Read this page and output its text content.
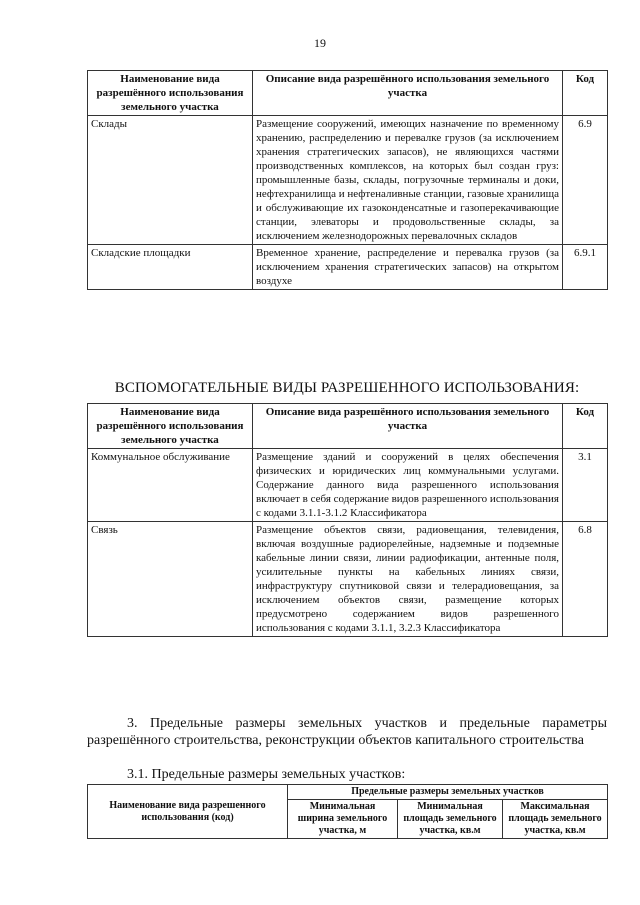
19
Наименование вида разрешённого использования земельного участка	Описание вида разрешённого использования земельного участка	Код
Склады	Размещение сооружений, имеющих назначение по временному хранению, распределению и перевалке грузов (за исключением хранения стратегических запасов), не являющихся частями производственных комплексов, на которых был создан груз: промышленные базы, склады, погрузочные терминалы и доки, нефтехранилища и нефтеналивные станции, газовые хранилища и обслуживающие их газоконденсатные и газоперекачивающие станции, элеваторы и продовольственные склады, за исключением железнодорожных перевалочных складов	6.9
Складские площадки	Временное хранение, распределение и перевалка грузов (за исключением хранения стратегических запасов) на открытом воздухе	6.9.1
ВСПОМОГАТЕЛЬНЫЕ ВИДЫ РАЗРЕШЕННОГО ИСПОЛЬЗОВАНИЯ:
Наименование вида разрешённого использования земельного участка	Описание вида разрешённого использования земельного участка	Код
Коммунальное обслуживание	Размещение зданий и сооружений в целях обеспечения физических и юридических лиц коммунальными услугами. Содержание данного вида разрешенного использования включает в себя содержание видов разрешенного использования с кодами 3.1.1-3.1.2 Классификатора	3.1
Связь	Размещение объектов связи, радиовещания, телевидения, включая воздушные радиорелейные, надземные и подземные кабельные линии связи, линии радиофикации, антенные поля, усилительные пункты на кабельных линиях связи, инфраструктуру спутниковой связи и телерадиовещания, за исключением объектов связи, размещение которых предусмотрено содержанием видов разрешенного использования с кодами 3.1.1, 3.2.3 Классификатора	6.8
3. Предельные размеры земельных участков и предельные параметры разрешённого строительства, реконструкции объектов капитального строительства
3.1. Предельные размеры земельных участков:
Наименование вида разрешенного использования (код)	Предельные размеры земельных участков		
	Минимальная ширина земельного участка, м	Минимальная площадь земельного участка, кв.м	Максимальная площадь земельного участка, кв.м
